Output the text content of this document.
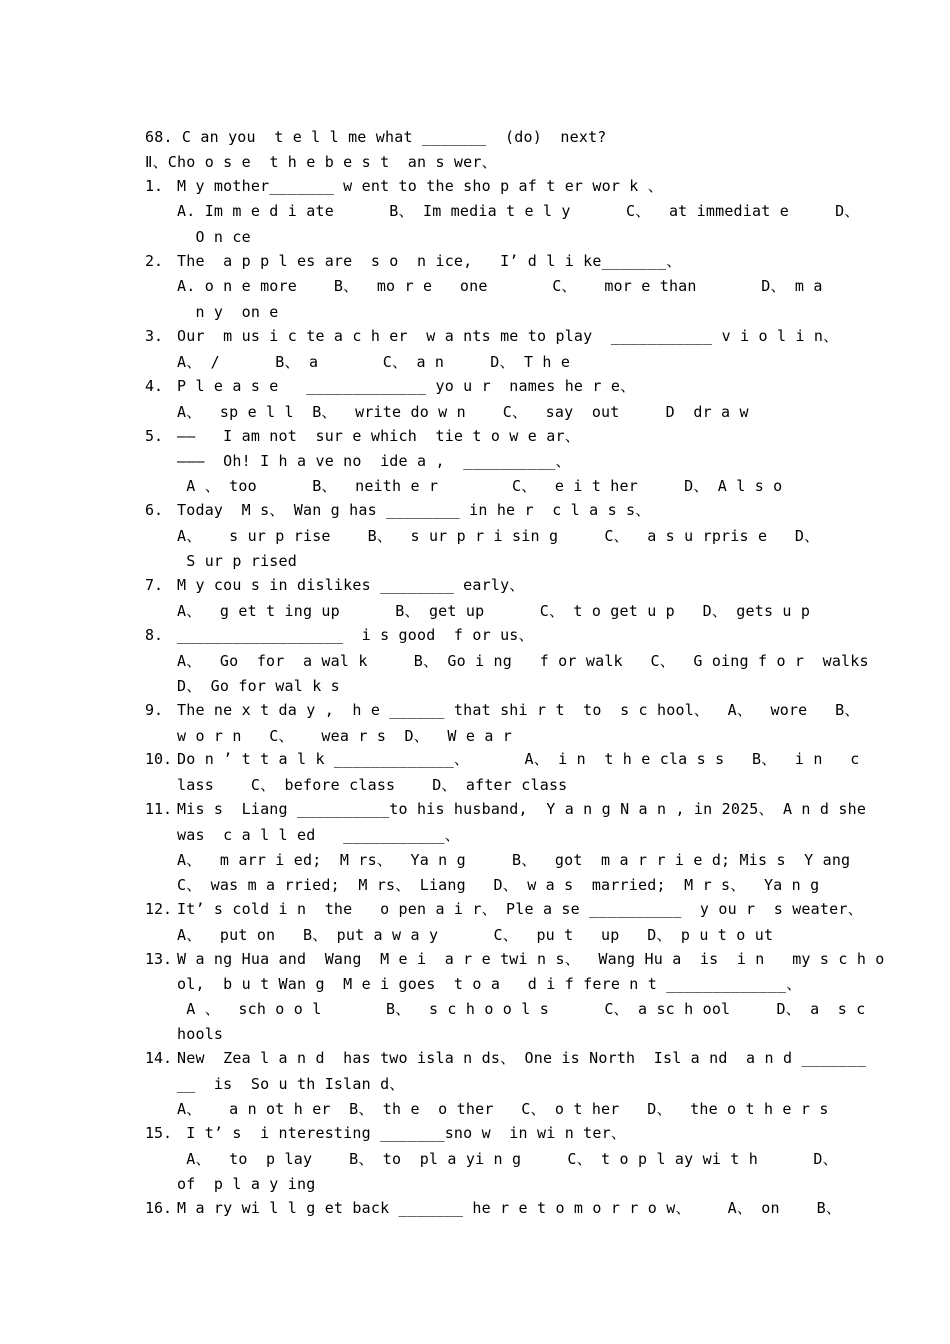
68. C an you  t e l l me what _______  (do)  next?
Ⅱ、Cho o s e  t h e b e s t  an s wer、
1. M y mother_______ w ent to the sho p af t er wor k 、
A. Im m e d i ate      B、 Im media t e l y      C、  at immediat e     D、
O n ce
2. The  a p p l es are  s o  n ice,   I’ d l i ke_______、
A. o n e more    B、  mo r e   one       C、   mor e than       D、 m a
n y  on e
3. Our  m us i c te a c h er  w a nts me to play  ___________ v i o l i n、
A、 /      B、 a       C、 a n     D、 T h e
4. P l e a s e   _____________ yo u r  names he r e、
A、  sp e l l  B、  write do w n    C、  say  out     D  dr a w
5. ——   I am not  sur e which  tie t o w e ar、
———  Oh! I h a ve no  ide a ,  __________、
A 、 too      B、  neith e r        C、  e i t her     D、 A l s o
6. Today  M s、 Wan g has ________ in he r  c l a s s、
A、   s ur p rise    B、  s ur p r i sin g     C、  a s u rpris e   D、
S ur p rised
7. M y cou s in dislikes ________ early、
A、  g et t ing up      B、 get up      C、 t o get u p   D、 gets u p
8. __________________  i s good  f or us、
A、  Go  for  a wal k     B、 Go i ng   f or walk   C、  G oing f o r  walks
D、 Go for wal k s
9. The ne x t da y ,  h e ______ that shi r t  to  s c hool、  A、  wore   B、
w o r n   C、   wea r s  D、  W e a r
10. Do n ’ t t a l k _____________、      A、 i n  t h e cla s s   B、  i n   c
lass    C、 before class    D、 after class
11. Mis s  Liang __________to his husband,  Y a n g N a n , in 2025、 A n d she
was  c a l l ed   ___________、
A、  m arr i ed;  M rs、  Ya n g     B、  got  m a r r i e d; Mis s  Y ang
C、 was m a rried;  M rs、 Liang   D、 w a s  married;  M r s、  Ya n g
12. It’ s cold i n  the   o pen a i r、 Ple a se __________  y ou r  s weater、
A、  put on   B、 put a w a y      C、  pu t   up   D、 p u t o ut
13. W a ng Hua and  Wang  M e i  a r e twi n s、  Wang Hu a  is  i n   my s c h o
ol,  b u t Wan g  M e i goes  t o a   d i f fere n t _____________、
A 、  sch o o l       B、  s c h o o l s      C、 a sc h ool     D、 a  s c
hools
14. New  Zea l a n d  has two isla n ds、 One is North  Isl a nd  a n d _______
__  is  So u th Islan d、
A、   a n ot h er  B、 th e  o ther   C、 o t her   D、  the o t h e r s
15. I t’ s  i nteresting _______sno w  in wi n ter、
A、  to  p lay    B、 to  pl a yi n g     C、 t o p l ay wi t h      D、
of  p l a y ing
16. M a ry wi l l g et back _______ he r e t o m o r r o w、    A、 on    B、
